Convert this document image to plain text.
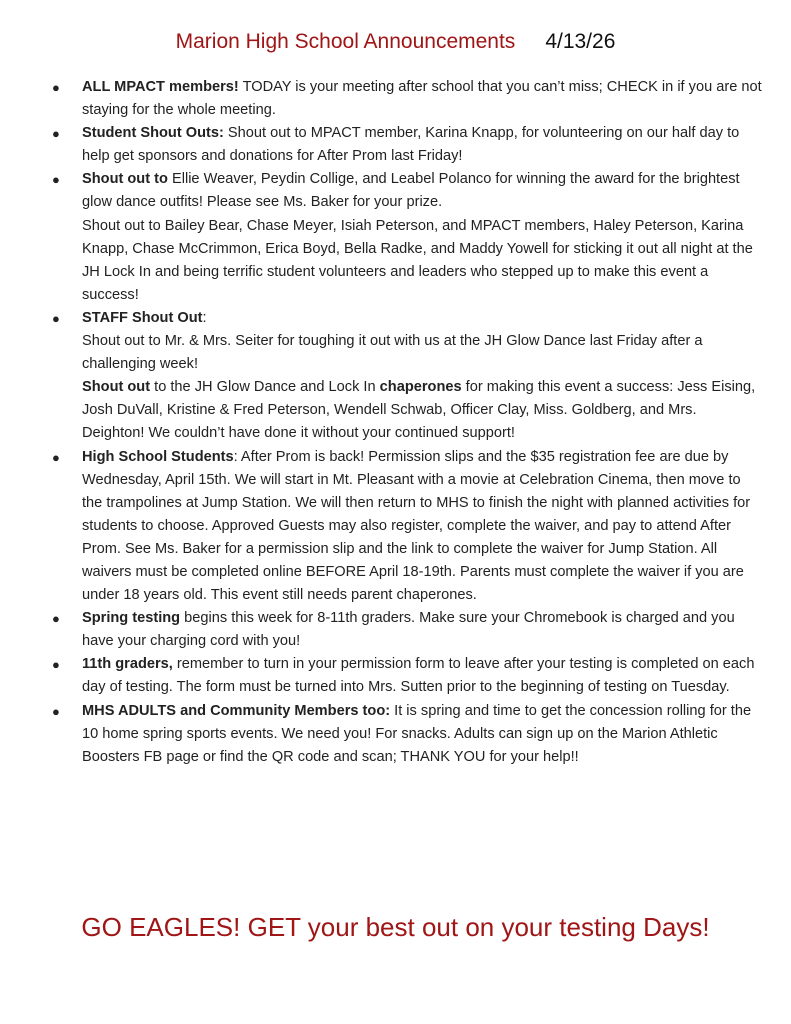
Marion High School Announcements 4/13/26
● ALL MPACT members! TODAY is your meeting after school that you can’t miss; CHECK in if you are not staying for the whole meeting.

● Student Shout Outs: Shout out to MPACT member, Karina Knapp, for volunteering on our half day to help get sponsors and donations for After Prom last Friday!

● Shout out to Ellie Weaver, Peydin Collige, and Leabel Polanco for winning the award for the brightest glow dance outfits! Please see Ms. Baker for your prize.

Shout out to Bailey Bear, Chase Meyer, Isiah Peterson, and MPACT members, Haley Peterson, Karina Knapp, Chase McCrimmon, Erica Boyd, Bella Radke, and Maddy Yowell for sticking it out all night at the JH Lock In and being terrific student volunteers and leaders who stepped up to make this event a success!

● STAFF Shout Out:

Shout out to Mr. & Mrs. Seiter for toughing it out with us at the JH Glow Dance last Friday after a challenging week!

Shout out to the JH Glow Dance and Lock In chaperones for making this event a success: Jess Eising, Josh DuVall, Kristine & Fred Peterson, Wendell Schwab, Officer Clay, Miss. Goldberg, and Mrs. Deighton! We couldn’t have done it without your continued support!

● High School Students: After Prom is back! Permission slips and the $35 registration fee are due by Wednesday, April 15th. We will start in Mt. Pleasant with a movie at Celebration Cinema, then move to the trampolines at Jump Station. We will then return to MHS to finish the night with planned activities for students to choose. Approved Guests may also register, complete the waiver, and pay to attend After Prom. See Ms. Baker for a permission slip and the link to complete the waiver for Jump Station. All waivers must be completed online BEFORE April 18-19th. Parents must complete the waiver if you are under 18 years old. This event still needs parent chaperones.

● Spring testing begins this week for 8-11th graders. Make sure your Chromebook is charged and you have your charging cord with you!

● 11th graders, remember to turn in your permission form to leave after your testing is completed on each day of testing. The form must be turned into Mrs. Sutten prior to the beginning of testing on Tuesday.

● MHS ADULTS and Community Members too: It is spring and time to get the concession rolling for the 10 home spring sports events. We need you! For snacks. Adults can sign up on the Marion Athletic Boosters FB page or find the QR code and scan; THANK YOU for your help!!

GO EAGLES! GET your best out on your testing Days!
